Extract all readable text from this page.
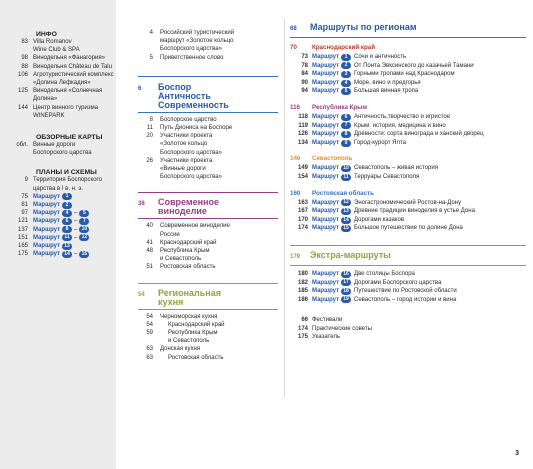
ИНФО
83 Villa Romanov
Wine Club & SPA
98 Винодельня «Фанагория»
88 Винодельня Château de Talu
106 Агротуристический комплекс
«Долина Лефкадия»
125 Винодельня «Солнечная
Долина»
144 Центр винного туризма
WINEPARK
ОБЗОРНЫЕ КАРТЫ
обл. Винные дороги
Боспорского царства
ПЛАНЫ И СХЕМЫ
9 Территория Боспорского
царства в I в. н. э.
75 Маршрут	1
81 Маршрут	2
97 Маршрут	4 –	5
121 Маршрут	6 –	7
137 Маршрут	8 – 10
151 Маршрут 11 – 12
165 Маршрут 13
175 Маршрут 14 – 16
4	Российский туристический
маршрут «Золотое кольцо
Боспорского царства»
5	Приветственное слово
6	Боспор
Античность
Современность
8	Боспорское царство
11	Путь Диониса на Боспоре
20	Участники проекта
«Золотое кольцо
Боспорского царства»
26	Участники проекта
«Винные дороги
Боспорского царства»
38	Современное
виноделие
40	Современное виноделие
России
41	Краснодарский край
48	Республика Крым
и Севастополь
51	Ростовская область
54	Региональная
кухня
54	Черноморская кухня
54	Краснодарский край
59	Республика Крым
и Севастополь
63	Донская кухня
63	Ростовская область
68	Маршруты по регионам
70	Краснодарский край
73 Маршрут	1	Сочи и античность
78 Маршрут	2	От Понта Эвксинского до казачьей Тамани
84 Маршрут	3	Горными тропами над Краснодаром
90 Маршрут	4	Море, вино и предгорья
94 Маршрут	5	Большая винная тропа
116	Республика Крым
118 Маршрут	6	Античность,творчество и игристое
119 Маршрут	7	Крым: история, медицина и вино
126 Маршрут	8	Древности: сорта винограда и ханский дворец
134 Маршрут	9	Город-курорт Ялта
146	Севастополь
149 Маршрут 10 Севастополь – живая история
154 Маршрут 11 Терруары Севастополя
160	Ростовская область
163 Маршрут 12 Эногастрономический Ростов-на-Дону
167 Маршрут 13 Древние традиции виноделия в устье Дона
170 Маршрут 14 Дорогами казаков
174 Маршрут 15 Большое путешествие по долине Дона
179	Экстра-маршруты
180 Маршрут 16 Две столицы Боспора
182 Маршрут 17 Дорогами Боспорского царства
185 Маршрут 18 Путешествие по Ростовской области
186 Маршрут 19 Севастополь – город истории и вина
66 Фестивали
174 Практические советы
175 Указатель
3
